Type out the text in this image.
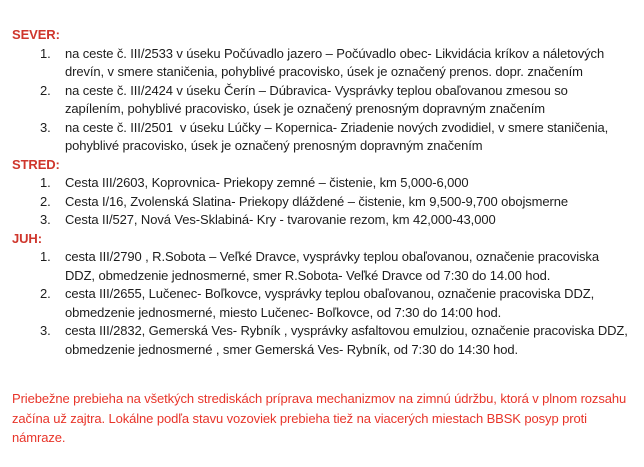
SEVER:
1.	na ceste č. III/2533 v úseku Počúvadlo jazero – Počúvadlo obec- Likvidácia kríkov a náletových drevín, v smere staničenia, pohyblivé pracovisko, úsek je označený prenos. dopr. značením
2.	na ceste č. III/2424 v úseku Čerín – Dúbravica- Vysprávky teplou obaľovanou zmesou so zapílením, pohyblivé pracovisko, úsek je označený prenosným dopravným značením
3.	na ceste č. III/2501  v úseku Lúčky – Kopernica- Zriadenie nových zvodidiel, v smere staničenia, pohyblivé pracovisko, úsek je označený prenosným dopravným značením
STRED:
1.	Cesta III/2603, Koprovnica- Priekopy zemné – čistenie, km 5,000-6,000
2.	Cesta I/16, Zvolenská Slatina- Priekopy dláždené – čistenie, km 9,500-9,700 obojsmerne
3.	Cesta II/527, Nová Ves-Sklabiná- Kry - tvarovanie rezom, km 42,000-43,000
JUH:
1.	cesta III/2790 , R.Sobota – Veľké Dravce, vysprávky teplou obaľovanou, označenie pracoviska DDZ, obmedzenie jednosmerné, smer R.Sobota- Veľké Dravce od 7:30 do 14.00 hod.
2.	cesta III/2655, Lučenec- Boľkovce, vysprávky teplou obaľovanou, označenie pracoviska DDZ, obmedzenie jednosmerné, miesto Lučenec- Boľkovce, od 7:30 do 14:00 hod.
3.	cesta III/2832, Gemerská Ves- Rybník , vysprávky asfaltovou emulziou, označenie pracoviska DDZ, obmedzenie jednosmerné , smer Gemerská Ves- Rybník, od 7:30 do 14:30 hod.

Priebežne prebieha na všetkých strediskách príprava mechanizmov na zimnú údržbu, ktorá v plnom rozsahu začína už zajtra. Lokálne podľa stavu vozoviek prebieha tiež na viacerých miestach BBSK posyp proti námraze.
